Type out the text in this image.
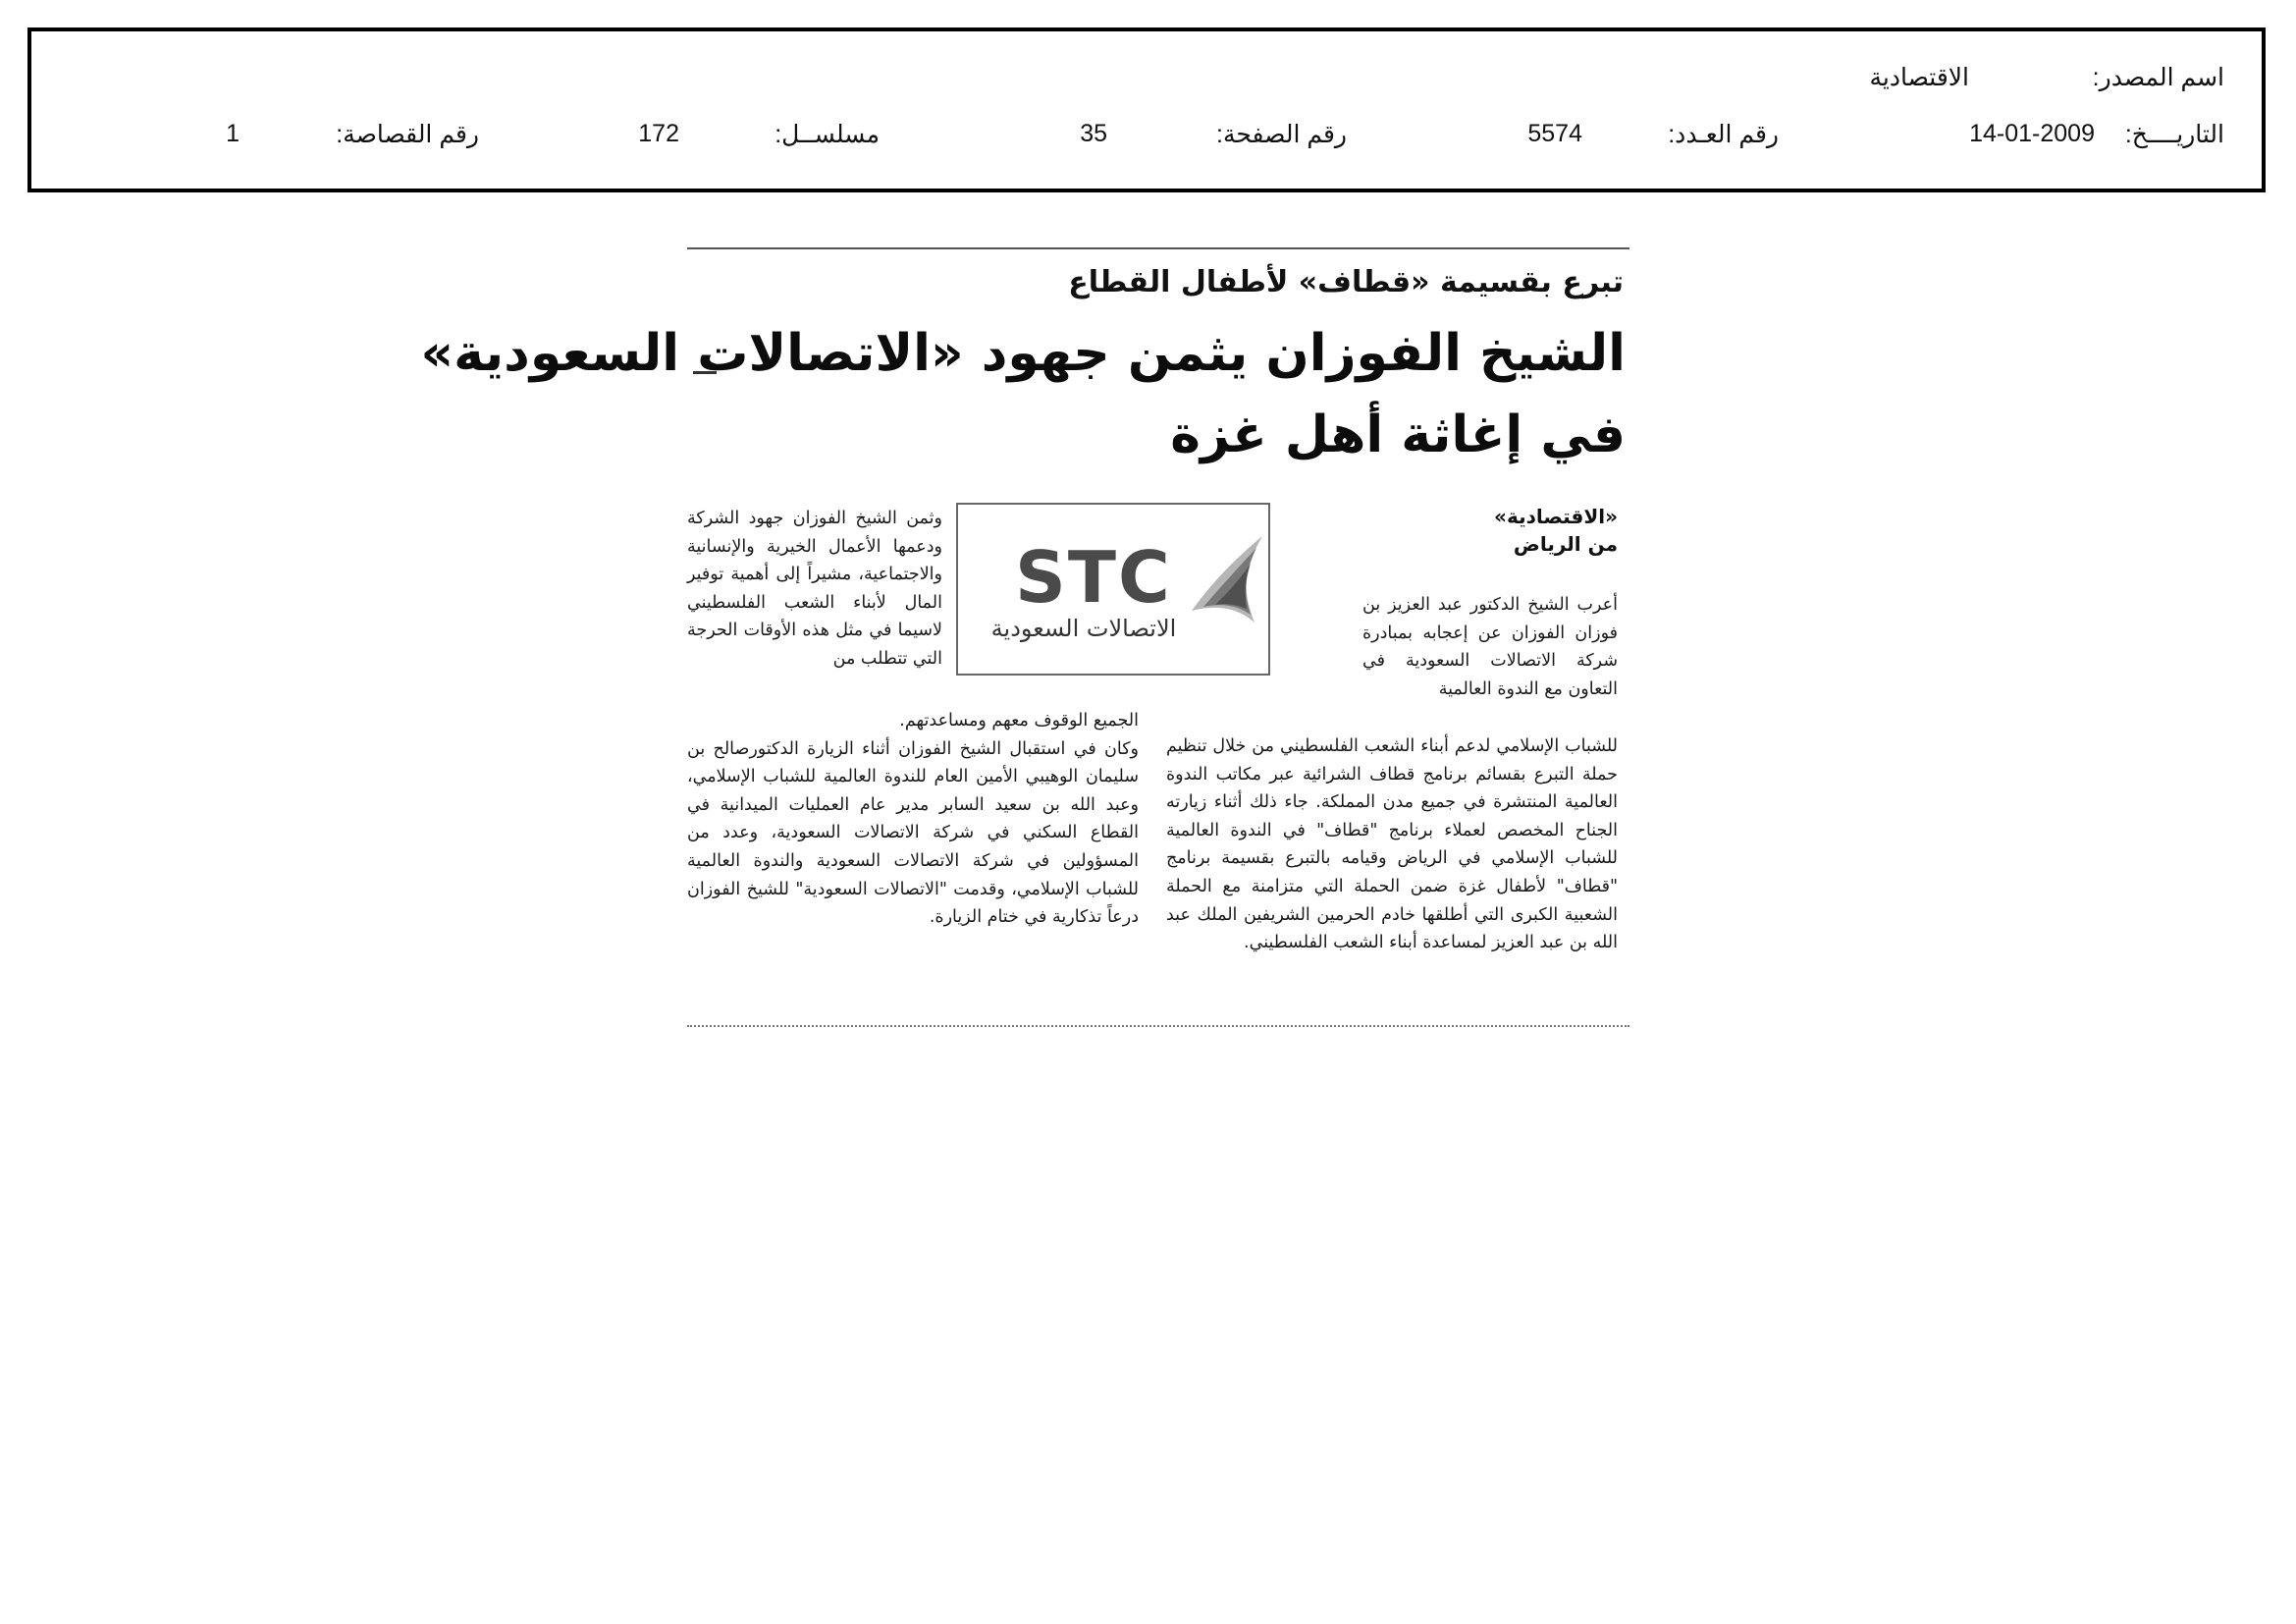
اسم المصدر:
الاقتصادية
التاريــــخ:
14-01-2009
رقم العـدد:
5574
رقم الصفحة:
35
مسلســل:
172
رقم القصاصة:
1
تبرع بقسيمة «قطاف» لأطفال القطاع
الشيخ الفوزان يثمن جهود «الاتصالات السعودية»
في إغاثة أهل غزة
«الاقتصادية»
من الرياض

أعرب الشيخ الدكتور عبد العزيز بن فوزان الفوزان عن إعجابه بمبادرة شركة الاتصالات السعودية في التعاون مع الندوة العالمية

للشباب الإسلامي لدعم أبناء الشعب الفلسطيني من خلال تنظيم حملة التبرع بقسائم برنامج قطاف الشرائية عبر مكاتب الندوة العالمية المنتشرة في جميع مدن المملكة. جاء ذلك أثناء زيارته الجناح المخصص لعملاء برنامج "قطاف" في الندوة العالمية للشباب الإسلامي في الرياض وقيامه بالتبرع بقسيمة برنامج "قطاف" لأطفال غزة ضمن الحملة التي متزامنة مع الحملة الشعبية الكبرى التي أطلقها خادم الحرمين الشريفين الملك عبد الله بن عبد العزيز لمساعدة أبناء الشعب الفلسطيني.

وثمن الشيخ الفوزان جهود الشركة ودعمها الأعمال الخيرية والإنسانية والاجتماعية، مشيراً إلى أهمية توفير المال لأبناء الشعب الفلسطيني لاسيما في مثل هذه الأوقات الحرجة التي تتطلب من

الجميع الوقوف معهم ومساعدتهم.

وكان في استقبال الشيخ الفوزان أثناء الزيارة الدكتورصالح بن سليمان الوهيبي الأمين العام للندوة العالمية للشباب الإسلامي، وعبد الله بن سعيد السابر مدير عام العمليات الميدانية في القطاع السكني في شركة الاتصالات السعودية، وعدد من المسؤولين في شركة الاتصالات السعودية والندوة العالمية للشباب الإسلامي، وقدمت "الاتصالات السعودية" للشيخ الفوزان درعاً تذكارية في ختام الزيارة.

STC
الاتصالات السعودية
